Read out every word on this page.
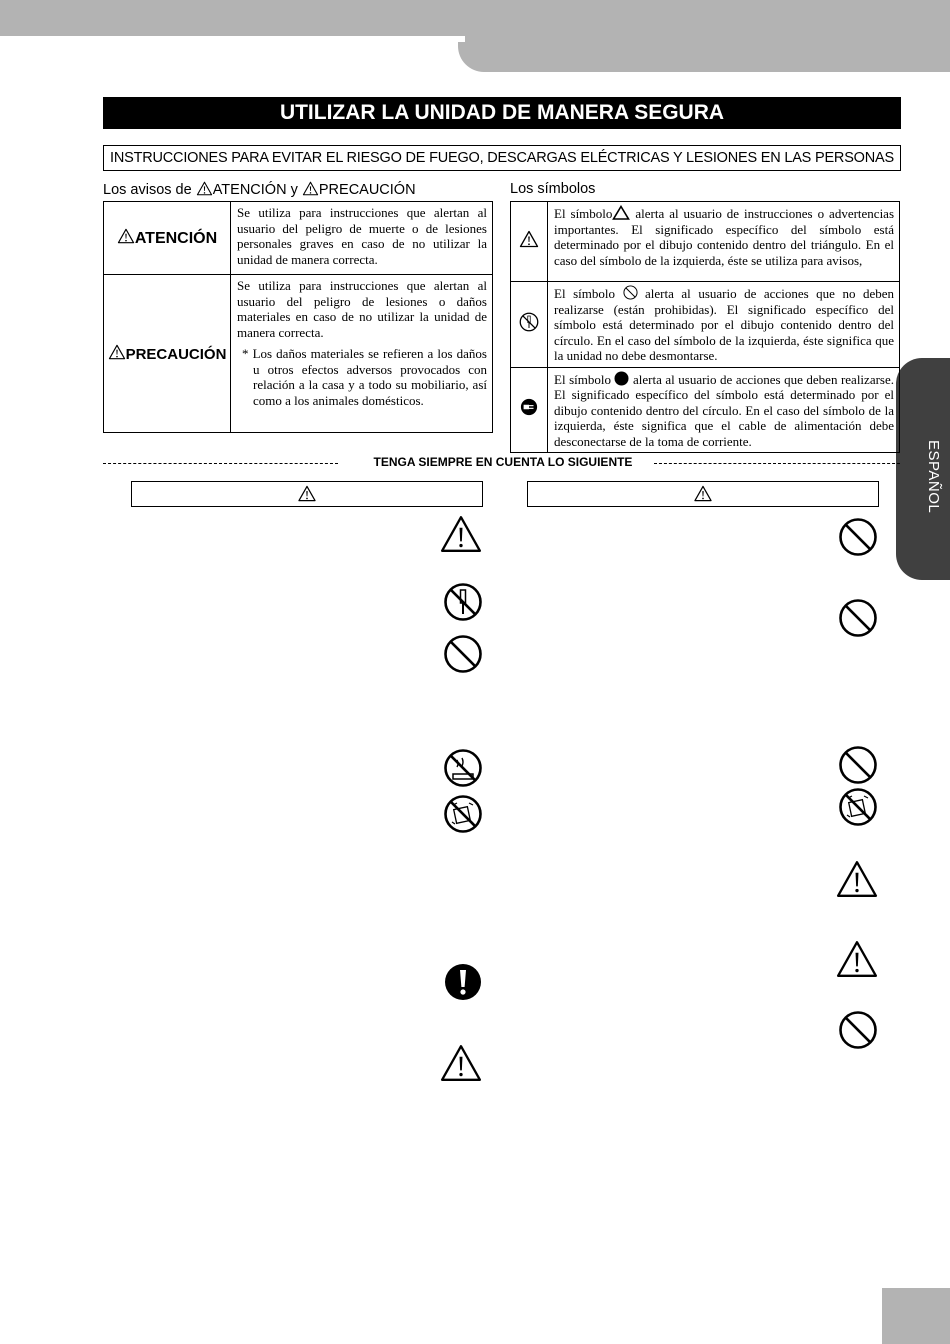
ESPAÑOL
UTILIZAR LA UNIDAD DE MANERA SEGURA
INSTRUCCIONES PARA EVITAR EL RIESGO DE FUEGO, DESCARGAS ELÉCTRICAS Y LESIONES EN LAS PERSONAS
Los avisos de ATENCIÓN y PRECAUCIÓN
ATENCIÓN	Se utiliza para instrucciones que alertan al usuario del peligro de muerte o de lesiones personales graves en caso de no utilizar la unidad de manera correcta.
PRECAUCIÓN	Se utiliza para instrucciones que alertan al usuario del peligro de lesiones o daños materiales en caso de no utilizar la unidad de manera correcta.
* Los daños materiales se refieren a los daños u otros efectos adversos provocados con relación a la casa y a todo su mobiliario, así como a los animales domésticos.
Los símbolos
	El símbolo alerta al usuario de instrucciones o advertencias importantes. El significado específico del símbolo está determinado por el dibujo contenido dentro del triángulo. En el caso del símbolo de la izquierda, éste se utiliza para avisos,
	El símbolo alerta al usuario de acciones que no deben realizarse (están prohibidas). El significado específico del símbolo está determinado por el dibujo contenido dentro del círculo. En el caso del símbolo de la izquierda, éste significa que la unidad no debe desmontarse.
	El símbolo alerta al usuario de acciones que deben realizarse. El significado específico del símbolo está determinado por el dibujo contenido dentro del círculo. En el caso del símbolo de la izquierda, éste significa que el cable de alimentación debe desconectarse de la toma de corriente.
TENGA SIEMPRE EN CUENTA LO SIGUIENTE
